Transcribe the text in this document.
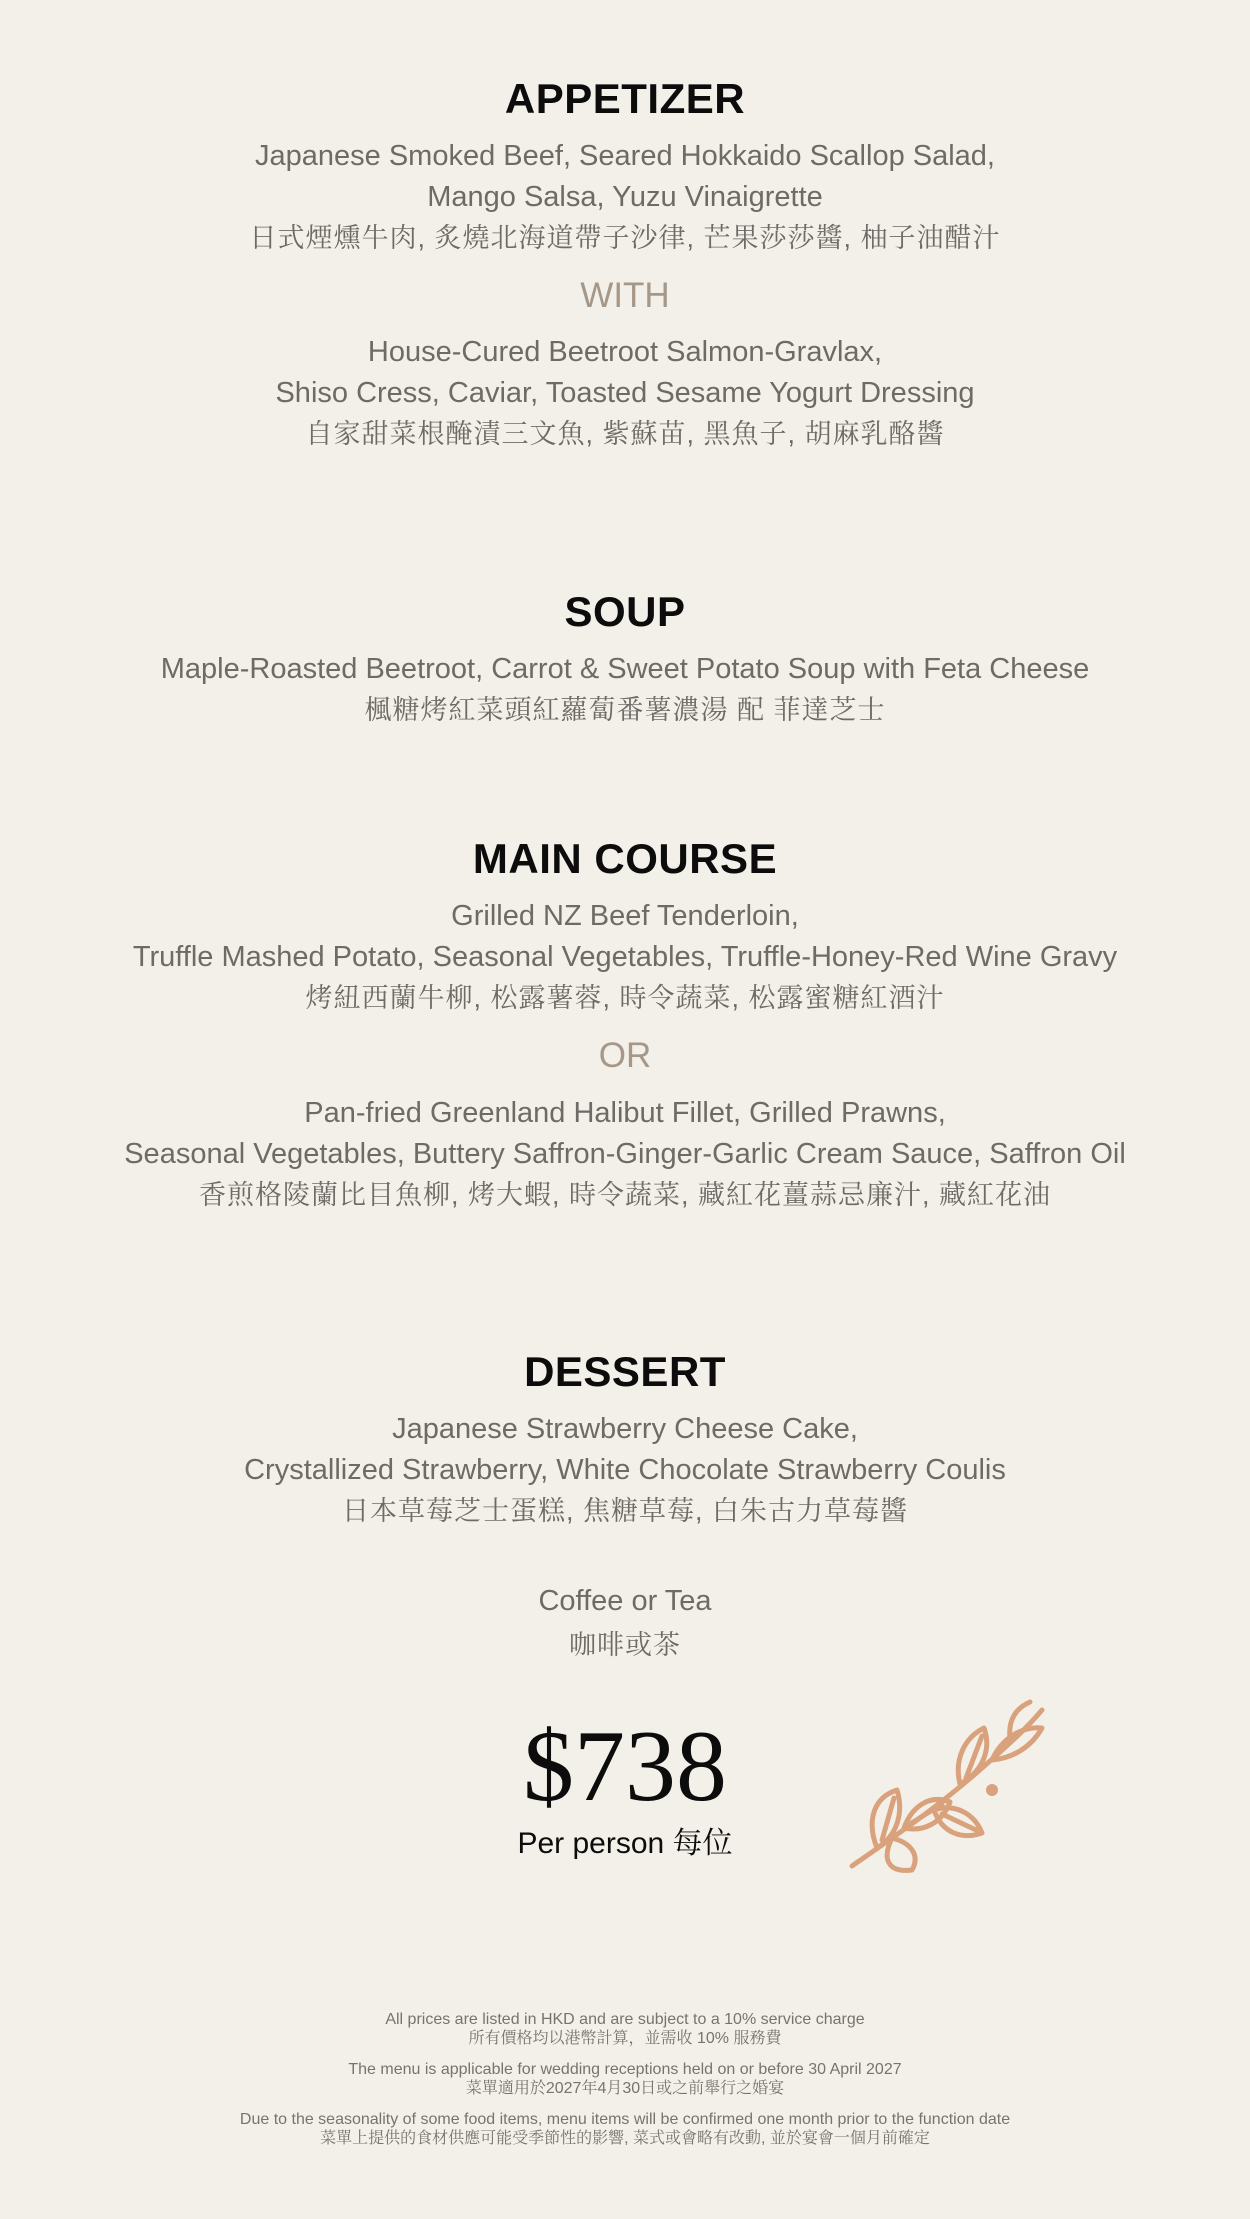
APPETIZER

Japanese Smoked Beef, Seared Hokkaido Scallop Salad,

Mango Salsa, Yuzu Vinaigrette

日式煙燻牛肉, 炙燒北海道帶子沙律, 芒果莎莎醬, 柚子油醋汁

WITH

House-Cured Beetroot Salmon-Gravlax,

Shiso Cress, Caviar, Toasted Sesame Yogurt Dressing

自家甜菜根醃漬三文魚, 紫蘇苗, 黑魚子, 胡麻乳酪醬

SOUP

Maple-Roasted Beetroot, Carrot & Sweet Potato Soup with Feta Cheese

楓糖烤紅菜頭紅蘿蔔番薯濃湯 配 菲達芝士

MAIN COURSE

Grilled NZ Beef Tenderloin,

Truffle Mashed Potato, Seasonal Vegetables, Truffle-Honey-Red Wine Gravy

烤紐西蘭牛柳, 松露薯蓉, 時令蔬菜, 松露蜜糖紅酒汁

OR

Pan-fried Greenland Halibut Fillet, Grilled Prawns,

Seasonal Vegetables, Buttery Saffron-Ginger-Garlic Cream Sauce, Saffron Oil

香煎格陵蘭比目魚柳, 烤大蝦, 時令蔬菜, 藏紅花薑蒜忌廉汁, 藏紅花油

DESSERT

Japanese Strawberry Cheese Cake,

Crystallized Strawberry, White Chocolate Strawberry Coulis

日本草莓芝士蛋糕, 焦糖草莓, 白朱古力草莓醬

Coffee or Tea

咖啡或茶

$738
Per person 每位

All prices are listed in HKD and are subject to a 10% service charge

所有價格均以港幣計算，並需收 10% 服務費

The menu is applicable for wedding receptions held on or before 30 April 2027

菜單適用於2027年4月30日或之前舉行之婚宴

Due to the seasonality of some food items, menu items will be confirmed one month prior to the function date

菜單上提供的食材供應可能受季節性的影響, 菜式或會略有改動, 並於宴會一個月前確定
